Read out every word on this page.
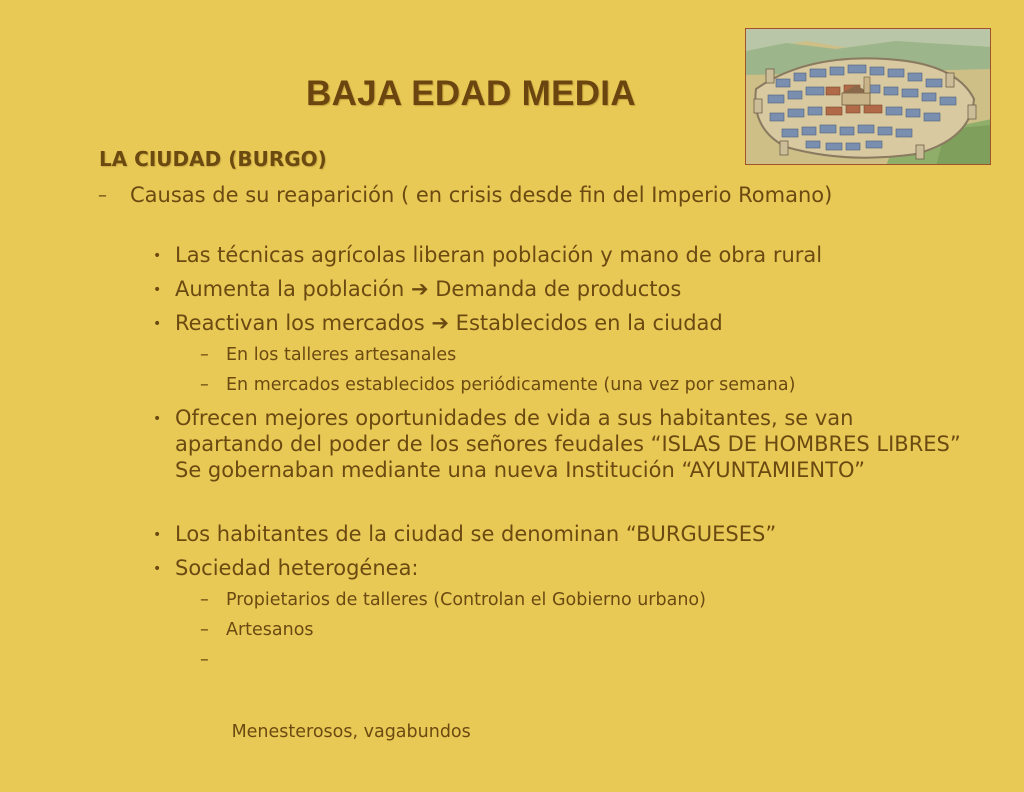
BAJA EDAD MEDIA
LA CIUDAD (BURGO)
– Causas de su reaparición ( en crisis desde fin del Imperio Romano)
• Las técnicas agrícolas liberan población y mano de obra rural
• Aumenta la población ➔ Demanda de productos
• Reactivan los mercados ➔ Establecidos en la ciudad
– En los talleres artesanales
– En mercados establecidos periódicamente (una vez por semana)
• Ofrecen mejores oportunidades de vida a sus habitantes, se van apartando del poder de los señores feudales “ISLAS DE HOMBRES LIBRES” Se gobernaban mediante una nueva Institución “AYUNTAMIENTO”
• Los habitantes de la ciudad se denominan “BURGUESES”
• Sociedad heterogénea:
– Propietarios de talleres (Controlan el Gobierno urbano)
– Artesanos

–

Menesterosos, vagabundos
